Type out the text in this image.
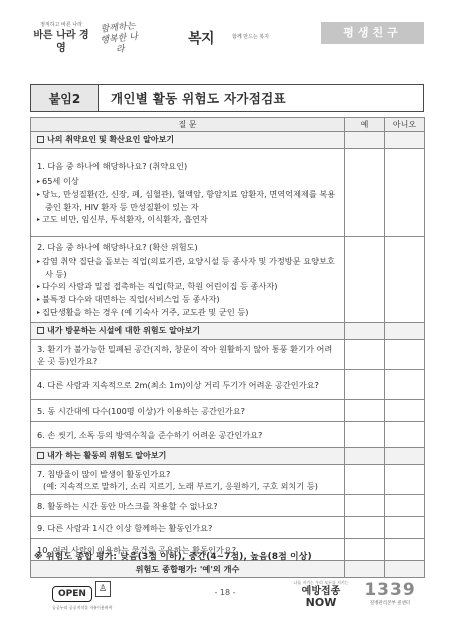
정직하고 바른 나라
바른 나라 경영
함께하는
행복한 나라
복지	함께 만드는 복지	평생친구
붙임2	개인별 활동 위험도 자가점검표
질 문	예	아니오
나의 취약요인 및 확산요인 알아보기		

1. 다음 중 하나에 해당하나요? (취약요인)
▸ 65세 이상
▸ 당뇨, 만성질환(간, 신장, 폐, 심혈관), 혈액암, 항암치료 암환자, 면역억제제를 복용 중인 환자, HIV 환자 등 만성질환이 있는 자
▸ 고도 비만, 임신부, 투석환자, 이식환자, 흡연자		

2. 다음 중 하나에 해당하나요? (확산 위험도)
▸ 감염 취약 집단을 돌보는 직업(의료기관, 요양시설 등 종사자 및 가정방문 요양보호사 등)
▸ 다수의 사람과 밀접 접촉하는 직업(학교, 학원 어린이집 등 종사자)
▸ 불특정 다수와 대면하는 직업(서비스업 등 종사자)
▸ 집단생활을 하는 경우 (예 기숙사 거주, 교도관 및 군인 등)		

내가 방문하는 시설에 대한 위험도 알아보기		
3. 환기가 불가능한 밀폐된 공간(지하, 창문이 작아 원활하지 않아 통풍 환기가 어려운 곳 등)인가요?		
4. 다른 사람과 지속적으로 2m(최소 1m)이상 거리 두기가 어려운 공간인가요?		
5. 동 시간대에 다수(100명 이상)가 이용하는 공간인가요?		
6. 손 씻기, 소독 등의 방역수칙을 준수하기 어려운 공간인가요?		
내가 하는 활동의 위험도 알아보기		

7. 침방울이 많이 발생이 활동인가요?
(예: 지속적으로 말하기, 소리 지르기, 노래 부르기, 응원하기, 구호 외치기 등)		

8. 활동하는 시간 동안 마스크를 착용할 수 없나요?		
9. 다른 사람과 1시간 이상 함께하는 활동인가요?		
10. 여러 사람이 이용하는 물건을 공유하는 활동인가요?		
위험도 종합평가: '예'의 개수		
※ 위험도 종합 평가: 낮음(3점 이하), 중간(4~7점), 높음(8점 이상)
OPEN ♙
공공누리 공공저작물 자유이용허락
- 18 -
나를 지키는 우리 모두를 지키는
예방접종
NOW
1339
질병관리본부 콜센터
